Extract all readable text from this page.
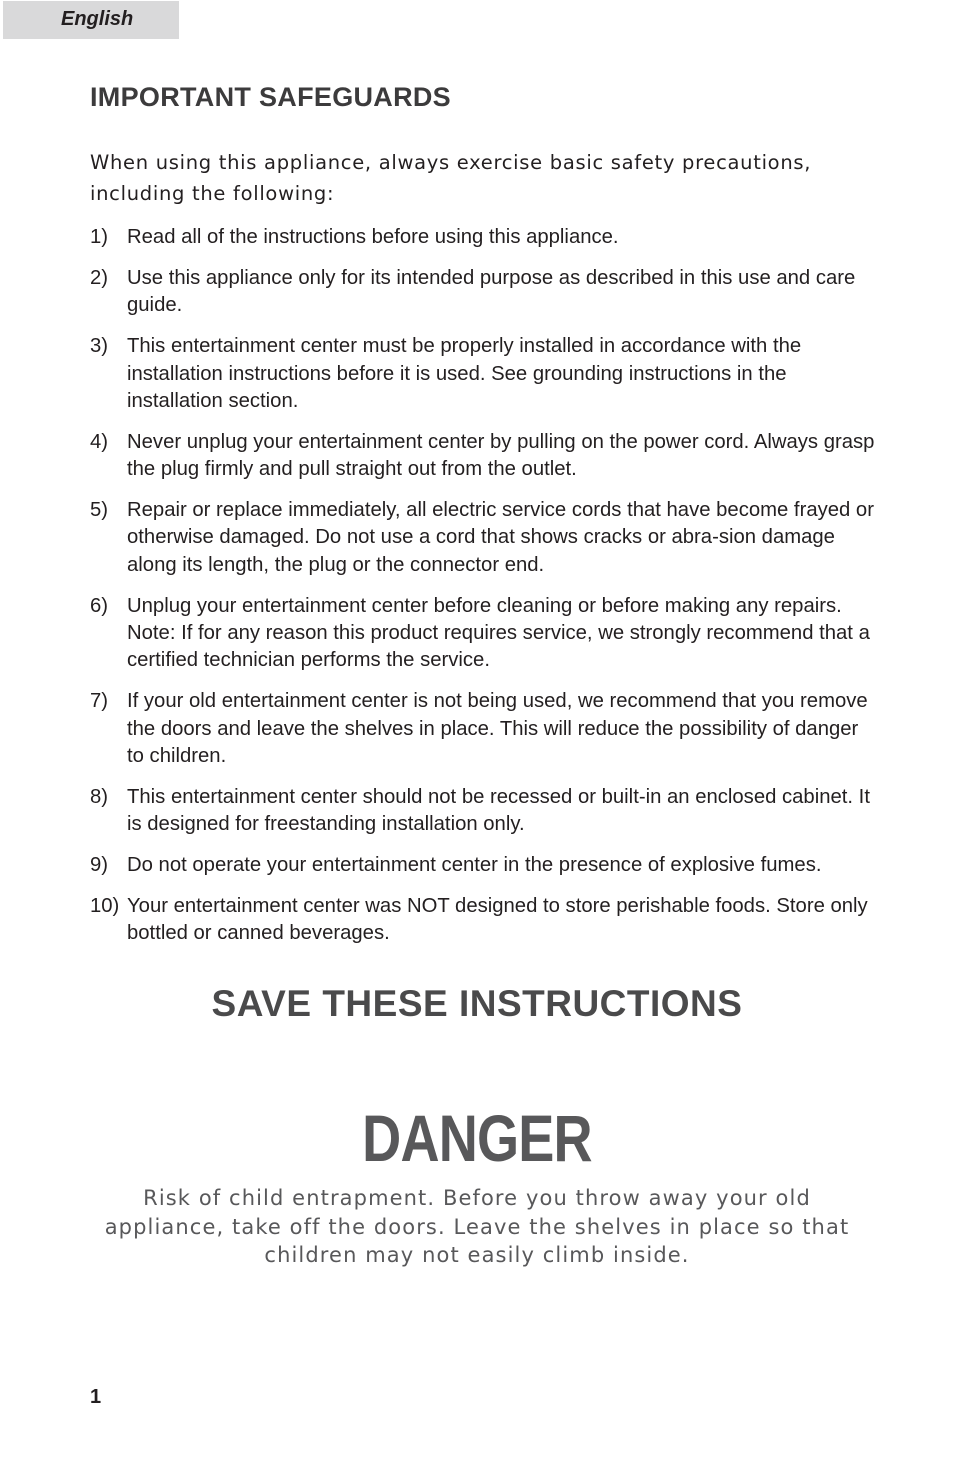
English
IMPORTANT SAFEGUARDS

When using this appliance, always exercise basic safety precautions, including the following:

1) Read all of the instructions before using this appliance.
2) Use this appliance only for its intended purpose as described in this use and care guide.
3) This entertainment center must be properly installed in accordance with the installation instructions before it is used. See grounding instructions in the installation section.
4) Never unplug your entertainment center by pulling on the power cord. Always grasp the plug firmly and pull straight out from the outlet.
5) Repair or replace immediately, all electric service cords that have become frayed or otherwise damaged. Do not use a cord that shows cracks or abra-sion damage along its length, the plug or the connector end.
6) Unplug your entertainment center before cleaning or before making any repairs. Note: If for any reason this product requires service, we strongly recommend that a certified technician performs the service.
7) If your old entertainment center is not being used, we recommend that you remove the doors and leave the shelves in place. This will reduce the possibility of danger to children.
8) This entertainment center should not be recessed or built-in an enclosed cabinet. It is designed for freestanding installation only.
9) Do not operate your entertainment center in the presence of explosive fumes.
10) Your entertainment center was NOT designed to store perishable foods. Store only bottled or canned beverages.
SAVE THESE INSTRUCTIONS
DANGER

Risk of child entrapment. Before you throw away your old appliance, take off the doors. Leave the shelves in place so that children may not easily climb inside.

1
